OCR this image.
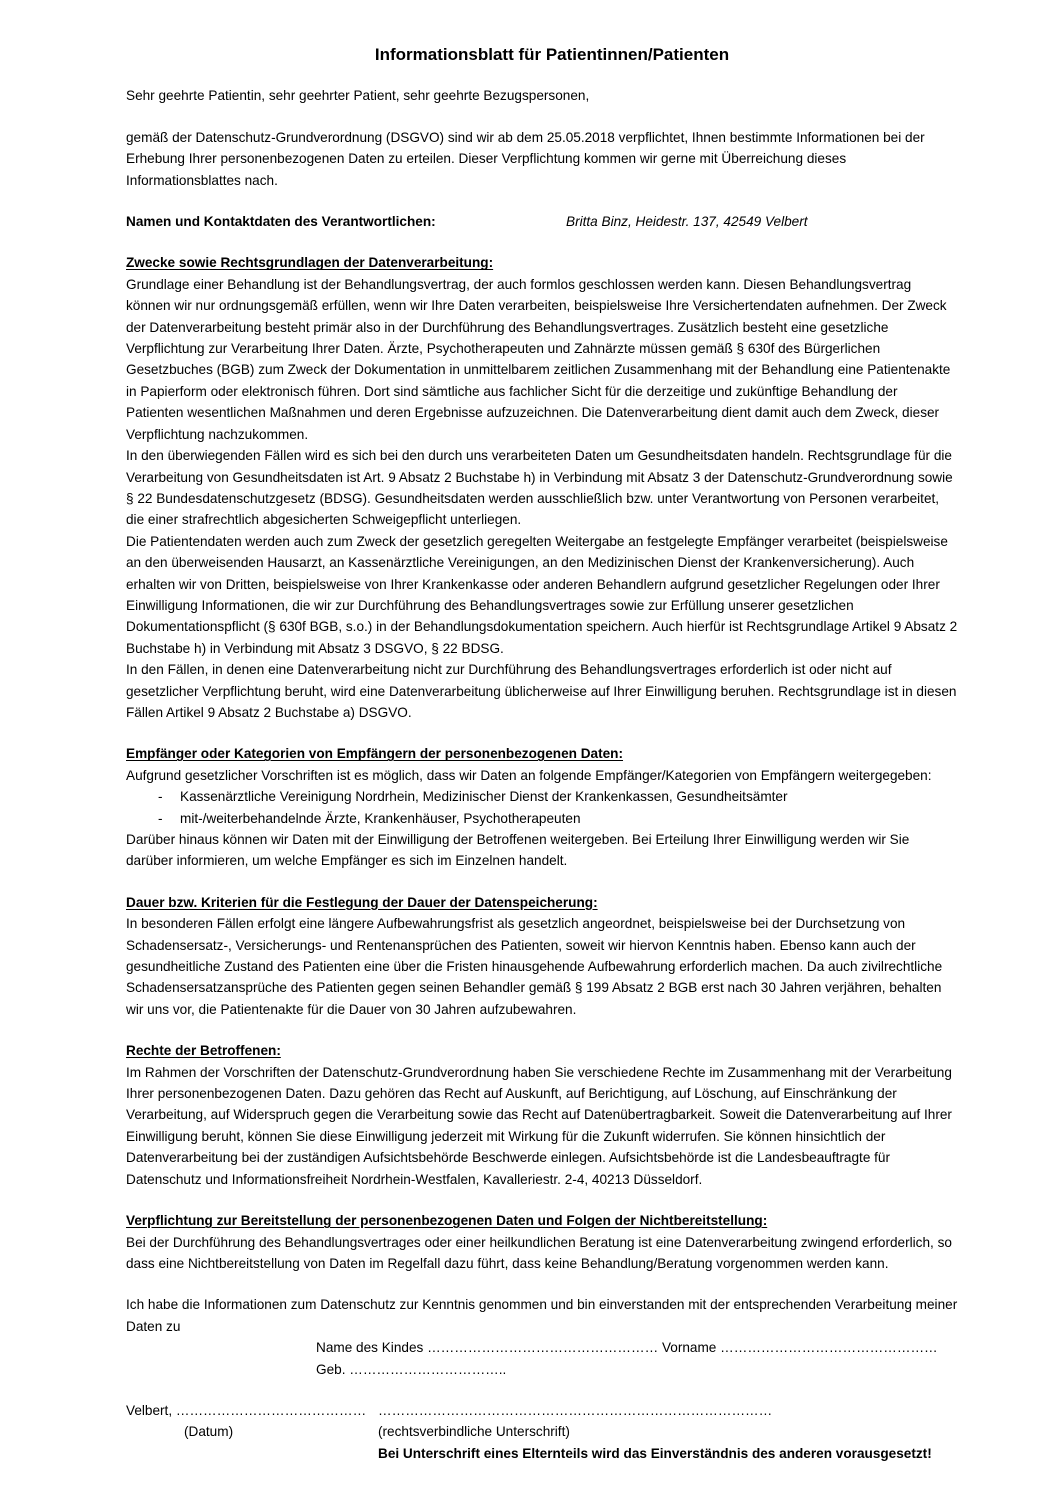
Informationsblatt für Patientinnen/Patienten

Sehr geehrte Patientin, sehr geehrter Patient, sehr geehrte Bezugspersonen,

gemäß der Datenschutz-Grundverordnung (DSGVO) sind wir ab dem 25.05.2018 verpflichtet, Ihnen bestimmte Informationen bei der Erhebung Ihrer personenbezogenen Daten zu erteilen. Dieser Verpflichtung kommen wir gerne mit Überreichung dieses Informationsblattes nach.

Namen und Kontaktdaten des Verantwortlichen:	Britta Binz, Heidestr. 137, 42549 Velbert
Zwecke sowie Rechtsgrundlagen der Datenverarbeitung:

Grundlage einer Behandlung ist der Behandlungsvertrag, der auch formlos geschlossen werden kann. Diesen Behandlungsvertrag können wir nur ordnungsgemäß erfüllen, wenn wir Ihre Daten verarbeiten, beispielsweise Ihre Versichertendaten aufnehmen. Der Zweck der Datenverarbeitung besteht primär also in der Durchführung des Behandlungsvertrages. Zusätzlich besteht eine gesetzliche Verpflichtung zur Verarbeitung Ihrer Daten. Ärzte, Psychotherapeuten und Zahnärzte müssen gemäß § 630f des Bürgerlichen Gesetzbuches (BGB) zum Zweck der Dokumentation in unmittelbarem zeitlichen Zusammenhang mit der Behandlung eine Patientenakte in Papierform oder elektronisch führen. Dort sind sämtliche aus fachlicher Sicht für die derzeitige und zukünftige Behandlung der Patienten wesentlichen Maßnahmen und deren Ergebnisse aufzuzeichnen. Die Datenverarbeitung dient damit auch dem Zweck, dieser Verpflichtung nachzukommen.

In den überwiegenden Fällen wird es sich bei den durch uns verarbeiteten Daten um Gesundheitsdaten handeln. Rechtsgrundlage für die Verarbeitung von Gesundheitsdaten ist Art. 9 Absatz 2 Buchstabe h) in Verbindung mit Absatz 3 der Datenschutz-Grundverordnung sowie § 22 Bundesdatenschutzgesetz (BDSG). Gesundheitsdaten werden ausschließlich bzw. unter Verantwortung von Personen verarbeitet, die einer strafrechtlich abgesicherten Schweigepflicht unterliegen.

Die Patientendaten werden auch zum Zweck der gesetzlich geregelten Weitergabe an festgelegte Empfänger verarbeitet (beispielsweise an den überweisenden Hausarzt, an Kassenärztliche Vereinigungen, an den Medizinischen Dienst der Krankenversicherung). Auch erhalten wir von Dritten, beispielsweise von Ihrer Krankenkasse oder anderen Behandlern aufgrund gesetzlicher Regelungen oder Ihrer Einwilligung Informationen, die wir zur Durchführung des Behandlungsvertrages sowie zur Erfüllung unserer gesetzlichen Dokumentationspflicht (§ 630f BGB, s.o.) in der Behandlungsdokumentation speichern. Auch hierfür ist Rechtsgrundlage Artikel 9 Absatz 2 Buchstabe h) in Verbindung mit Absatz 3 DSGVO, § 22 BDSG.

In den Fällen, in denen eine Datenverarbeitung nicht zur Durchführung des Behandlungsvertrages erforderlich ist oder nicht auf gesetzlicher Verpflichtung beruht, wird eine Datenverarbeitung üblicherweise auf Ihrer Einwilligung beruhen. Rechtsgrundlage ist in diesen Fällen Artikel 9 Absatz 2 Buchstabe a) DSGVO.

Empfänger oder Kategorien von Empfängern der personenbezogenen Daten:

Aufgrund gesetzlicher Vorschriften ist es möglich, dass wir Daten an folgende Empfänger/Kategorien von Empfängern weitergegeben:

-	Kassenärztliche Vereinigung Nordrhein, Medizinischer Dienst der Krankenkassen, Gesundheitsämter
-	mit-/weiterbehandelnde Ärzte, Krankenhäuser, Psychotherapeuten

Darüber hinaus können wir Daten mit der Einwilligung der Betroffenen weitergeben. Bei Erteilung Ihrer Einwilligung werden wir Sie darüber informieren, um welche Empfänger es sich im Einzelnen handelt.

Dauer bzw. Kriterien für die Festlegung der Dauer der Datenspeicherung:

In besonderen Fällen erfolgt eine längere Aufbewahrungsfrist als gesetzlich angeordnet, beispielsweise bei der Durchsetzung von Schadensersatz-, Versicherungs- und Rentenansprüchen des Patienten, soweit wir hiervon Kenntnis haben. Ebenso kann auch der gesundheitliche Zustand des Patienten eine über die Fristen hinausgehende Aufbewahrung erforderlich machen. Da auch zivilrechtliche Schadensersatzansprüche des Patienten gegen seinen Behandler gemäß § 199 Absatz 2 BGB erst nach 30 Jahren verjähren, behalten wir uns vor, die Patientenakte für die Dauer von 30 Jahren aufzubewahren.

Rechte der Betroffenen:

Im Rahmen der Vorschriften der Datenschutz-Grundverordnung haben Sie verschiedene Rechte im Zusammenhang mit der Verarbeitung Ihrer personenbezogenen Daten. Dazu gehören das Recht auf Auskunft, auf Berichtigung, auf Löschung, auf Einschränkung der Verarbeitung, auf Widerspruch gegen die Verarbeitung sowie das Recht auf Datenübertragbarkeit. Soweit die Datenverarbeitung auf Ihrer Einwilligung beruht, können Sie diese Einwilligung jederzeit mit Wirkung für die Zukunft widerrufen. Sie können hinsichtlich der Datenverarbeitung bei der zuständigen Aufsichtsbehörde Beschwerde einlegen. Aufsichtsbehörde ist die Landesbeauftragte für Datenschutz und Informationsfreiheit Nordrhein-Westfalen, Kavalleriestr. 2-4, 40213 Düsseldorf.

Verpflichtung zur Bereitstellung der personenbezogenen Daten und Folgen der Nichtbereitstellung:

Bei der Durchführung des Behandlungsvertrages oder einer heilkundlichen Beratung ist eine Datenverarbeitung zwingend erforderlich, so dass eine Nichtbereitstellung von Daten im Regelfall dazu führt, dass keine Behandlung/Beratung vorgenommen werden kann.

Ich habe die Informationen zum Datenschutz zur Kenntnis genommen und bin einverstanden mit der entsprechenden Verarbeitung meiner Daten zu

Name des Kindes …………………………………………… Vorname ………………………………………… Geb. ……………………………..

Velbert, …………………………………… ……………………………………………………………………………
(Datum)	(rechtsverbindliche Unterschrift)
Bei Unterschrift eines Elternteils wird das Einverständnis des anderen vorausgesetzt!
